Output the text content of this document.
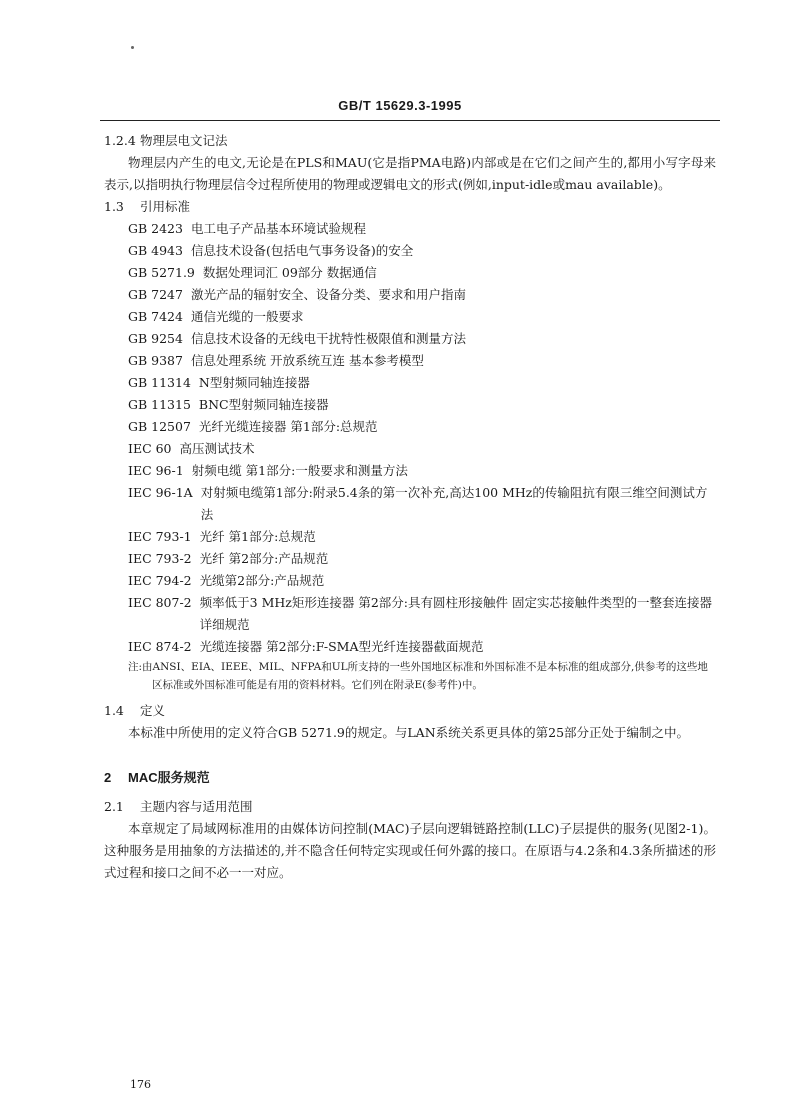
GB/T 15629.3-1995

1.2.4 物理层电文记法

物理层内产生的电文,无论是在PLS和MAU(它是指PMA电路)内部或是在它们之间产生的,都用小写字母来表示,以指明执行物理层信令过程所使用的物理或逻辑电文的形式(例如,input-idle或mau available)。

1.3 引用标准

GB 2423 电工电子产品基本环境试验规程
GB 4943 信息技术设备(包括电气事务设备)的安全
GB 5271.9 数据处理词汇 09部分 数据通信
GB 7247 激光产品的辐射安全、设备分类、要求和用户指南
GB 7424 通信光缆的一般要求
GB 9254 信息技术设备的无线电干扰特性极限值和测量方法
GB 9387 信息处理系统 开放系统互连 基本参考模型
GB 11314 N型射频同轴连接器
GB 11315 BNC型射频同轴连接器
GB 12507 光纤光缆连接器 第1部分:总规范
IEC 60 高压测试技术
IEC 96-1 射频电缆 第1部分:一般要求和测量方法
IEC 96-1A 对射频电缆第1部分:附录5.4条的第一次补充,高达100 MHz的传输阻抗有限三维空间测试方法
IEC 793-1 光纤 第1部分:总规范
IEC 793-2 光纤 第2部分:产品规范
IEC 794-2 光缆第2部分:产品规范
IEC 807-2 频率低于3 MHz矩形连接器 第2部分:具有圆柱形接触件 固定实芯接触件类型的一整套连接器详细规范
IEC 874-2 光缆连接器 第2部分:F-SMA型光纤连接器截面规范

注:由ANSI、EIA、IEEE、MIL、NFPA和UL所支持的一些外国地区标准和外国标准不是本标准的组成部分,供参考的这些地区标准或外国标准可能是有用的资料材料。它们列在附录E(参考件)中。

1.4 定义

本标准中所使用的定义符合GB 5271.9的规定。与LAN系统关系更具体的第25部分正处于编制之中。

2 MAC服务规范

2.1 主题内容与适用范围

本章规定了局域网标准用的由媒体访问控制(MAC)子层向逻辑链路控制(LLC)子层提供的服务(见图2-1)。这种服务是用抽象的方法描述的,并不隐含任何特定实现或任何外露的接口。在原语与4.2条和4.3条所描述的形式过程和接口之间不必一一对应。

176
